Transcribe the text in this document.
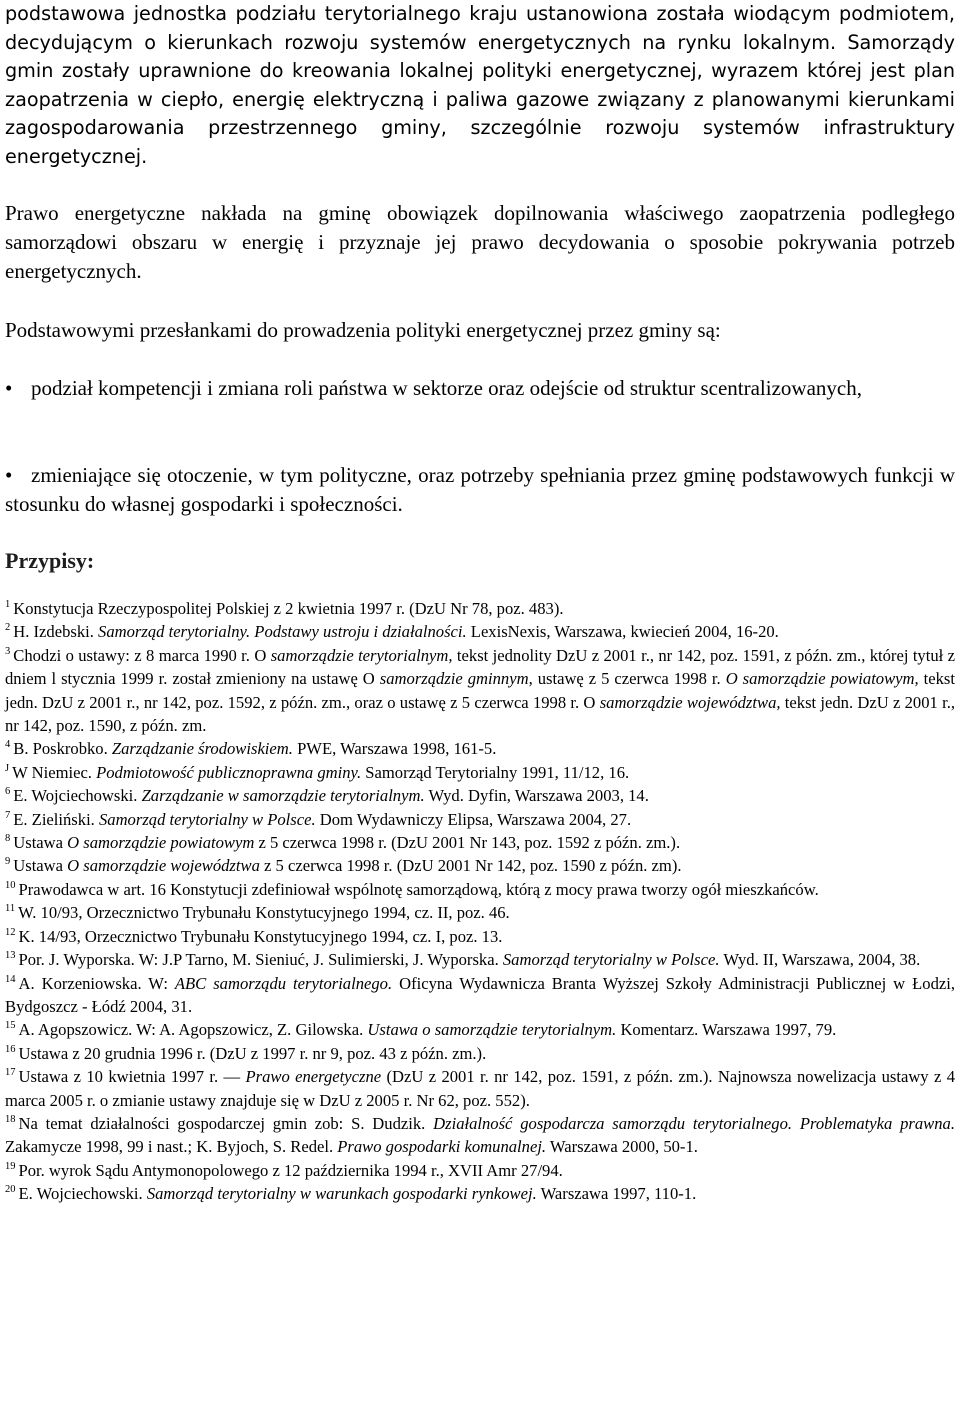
podstawowa jednostka podziału terytorialnego kraju ustanowiona została wiodącym podmiotem, decydującym o kierunkach rozwoju systemów energetycznych na rynku lokalnym. Samorządy gmin zostały uprawnione do kreowania lokalnej polityki energetycznej, wyrazem której jest plan zaopatrzenia w ciepło, energię elektryczną i paliwa gazowe związany z planowanymi kierunkami zagospodarowania przestrzennego gminy, szczególnie rozwoju systemów infrastruktury energetycznej.

Prawo energetyczne nakłada na gminę obowiązek dopilnowania właściwego zaopatrzenia podległego samorządowi obszaru w energię i przyznaje jej prawo decydowania o sposobie pokrywania potrzeb energetycznych.

Podstawowymi przesłankami do prowadzenia polityki energetycznej przez gminy są:

• podział kompetencji i zmiana roli państwa w sektorze oraz odejście od struktur scentralizowanych,

• zmieniające się otoczenie, w tym polityczne, oraz potrzeby spełniania przez gminę podstawowych funkcji w stosunku do własnej gospodarki i społeczności.

Przypisy:
$^1$ Konstytucja Rzeczypospolitej Polskiej z 2 kwietnia 1997 r. (DzU Nr 78, poz. 483).
$^2$ H. Izdebski. Samorząd terytorialny. Podstawy ustroju i działalności. LexisNexis, Warszawa, kwiecień 2004, 16-20.
$^3$ Chodzi o ustawy: z 8 marca 1990 r. O samorządzie terytorialnym, tekst jednolity DzU z 2001 r., nr 142, poz. 1591, z późn. zm., której tytuł z dniem l stycznia 1999 r. został zmieniony na ustawę O samorządzie gminnym, ustawę z 5 czerwca 1998 r. O samorządzie powiatowym, tekst jedn. DzU z 2001 r., nr 142, poz. 1592, z późn. zm., oraz o ustawę z 5 czerwca 1998 r. O samorządzie województwa, tekst jedn. DzU z 2001 r., nr 142, poz. 1590, z późn. zm.
$^4$ B. Poskrobko. Zarządzanie środowiskiem. PWE, Warszawa 1998, 161-5.
$^J$ W Niemiec. Podmiotowość publicznoprawna gminy. Samorząd Terytorialny 1991, 11/12, 16.
$^6$ E. Wojciechowski. Zarządzanie w samorządzie terytorialnym. Wyd. Dyfin, Warszawa 2003, 14.
$^7$ E. Zieliński. Samorząd terytorialny w Polsce. Dom Wydawniczy Elipsa, Warszawa 2004, 27.
$^8$ Ustawa O samorządzie powiatowym z 5 czerwca 1998 r. (DzU 2001 Nr 143, poz. 1592 z późn. zm.).
$^9$ Ustawa O samorządzie województwa z 5 czerwca 1998 r. (DzU 2001 Nr 142, poz. 1590 z późn. zm).
$^{10}$ Prawodawca w art. 16 Konstytucji zdefiniował wspólnotę samorządową, którą z mocy prawa tworzy ogół mieszkańców.
$^{11}$ W. 10/93, Orzecznictwo Trybunału Konstytucyjnego 1994, cz. II, poz. 46.
$^{12}$ K. 14/93, Orzecznictwo Trybunału Konstytucyjnego 1994, cz. I, poz. 13.
$^{13}$ Por. J. Wyporska. W: J.P Tarno, M. Sieniuć, J. Sulimierski, J. Wyporska. Samorząd terytorialny w Polsce. Wyd. II, Warszawa, 2004, 38.
$^{14}$ A. Korzeniowska. W: ABC samorządu terytorialnego. Oficyna Wydawnicza Branta Wyższej Szkoły Administracji Publicznej w Łodzi, Bydgoszcz - Łódź 2004, 31.
$^{15}$ A. Agopszowicz. W: A. Agopszowicz, Z. Gilowska. Ustawa o samorządzie terytorialnym. Komentarz. Warszawa 1997, 79.
$^{16}$ Ustawa z 20 grudnia 1996 r. (DzU z 1997 r. nr 9, poz. 43 z późn. zm.).
$^{17}$ Ustawa z 10 kwietnia 1997 r. — Prawo energetyczne (DzU z 2001 r. nr 142, poz. 1591, z późn. zm.). Najnowsza nowelizacja ustawy z 4 marca 2005 r. o zmianie ustawy znajduje się w DzU z 2005 r. Nr 62, poz. 552).
$^{18}$ Na temat działalności gospodarczej gmin zob: S. Dudzik. Działalność gospodarcza samorządu terytorialnego. Problematyka prawna. Zakamycze 1998, 99 i nast.; K. Byjoch, S. Redel. Prawo gospodarki komunalnej. Warszawa 2000, 50-1.
$^{19}$ Por. wyrok Sądu Antymonopolowego z 12 października 1994 r., XVII Amr 27/94.
$^{20}$ E. Wojciechowski. Samorząd terytorialny w warunkach gospodarki rynkowej. Warszawa 1997, 110-1.
